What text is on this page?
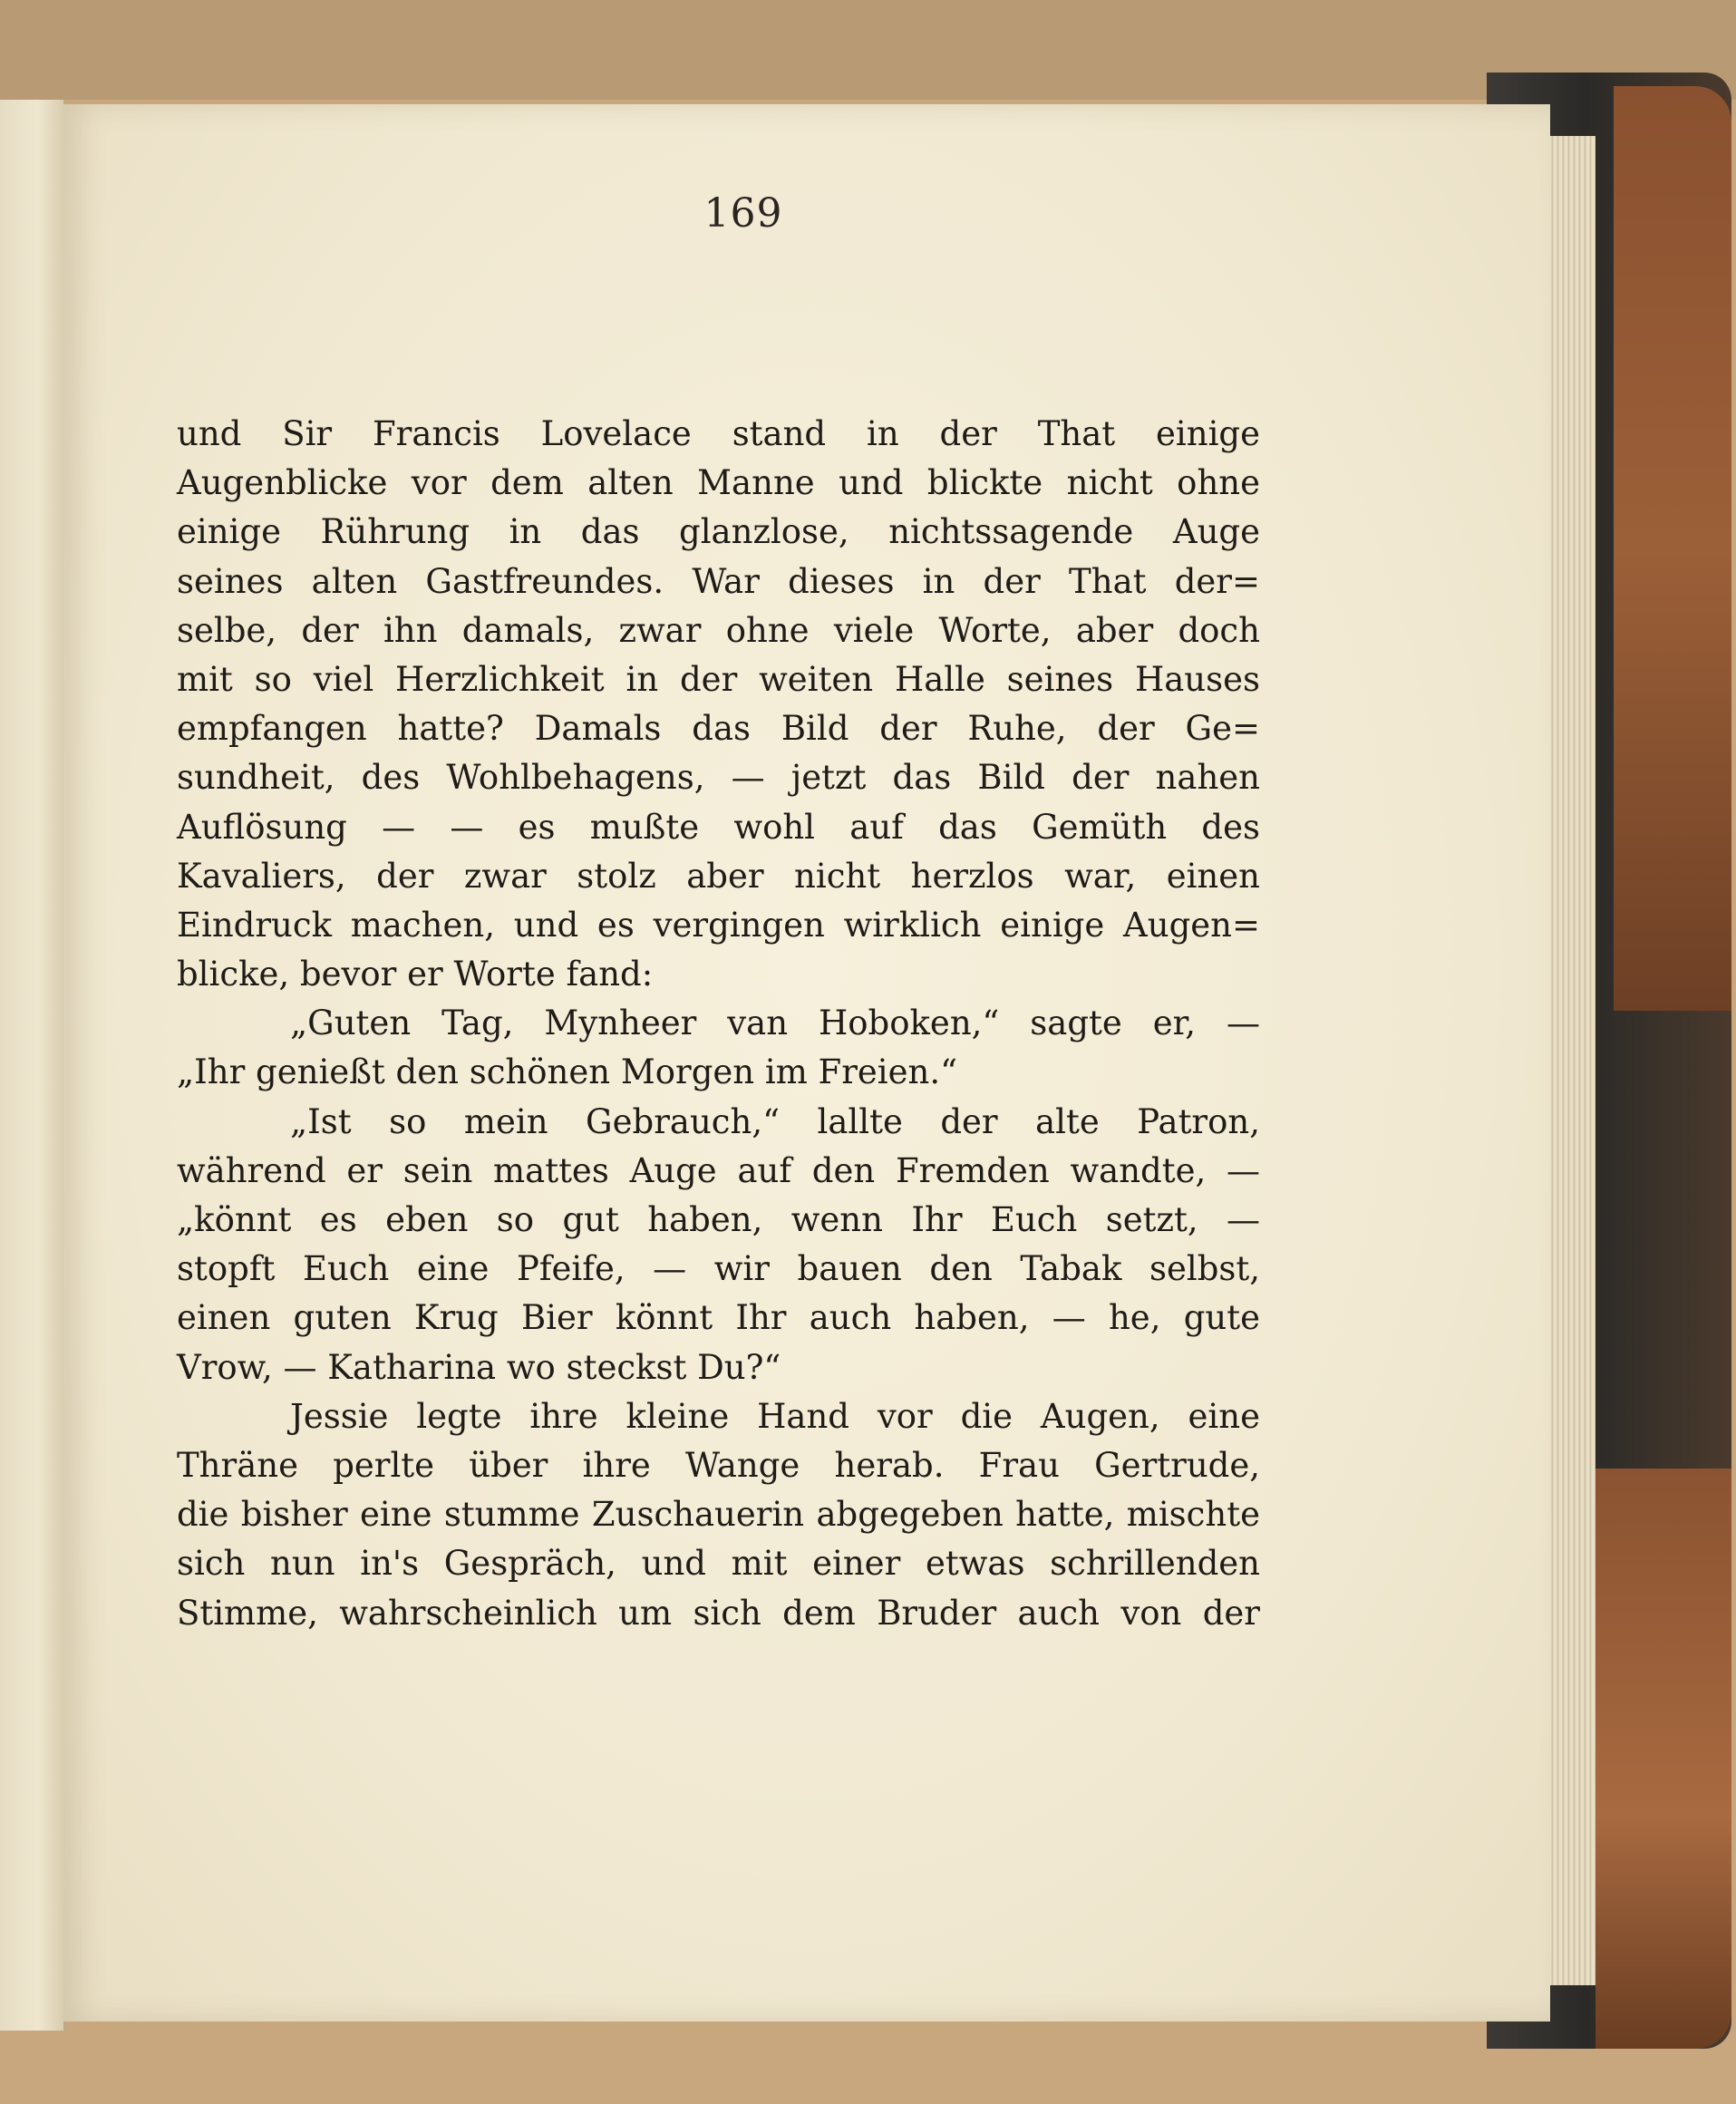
169
und Sir Francis Lovelace stand in der That einige
Augenblicke vor dem alten Manne und blickte nicht ohne
einige Rührung in das glanzlose, nichtssagende Auge
seines alten Gastfreundes. War dieses in der That der=
selbe, der ihn damals, zwar ohne viele Worte, aber doch
mit so viel Herzlichkeit in der weiten Halle seines Hauses
empfangen hatte? Damals das Bild der Ruhe, der Ge=
sundheit, des Wohlbehagens, — jetzt das Bild der nahen
Auflösung — — es mußte wohl auf das Gemüth des
Kavaliers, der zwar stolz aber nicht herzlos war, einen
Eindruck machen, und es vergingen wirklich einige Augen=
blicke, bevor er Worte fand:
„Guten Tag, Mynheer van Hoboken,“ sagte er, —
„Ihr genießt den schönen Morgen im Freien.“
„Ist so mein Gebrauch,“ lallte der alte Patron,
während er sein mattes Auge auf den Fremden wandte, —
„könnt es eben so gut haben, wenn Ihr Euch setzt, —
stopft Euch eine Pfeife, — wir bauen den Tabak selbst,
einen guten Krug Bier könnt Ihr auch haben, — he, gute
Vrow, — Katharina wo steckst Du?“
Jessie legte ihre kleine Hand vor die Augen, eine
Thräne perlte über ihre Wange herab. Frau Gertrude,
die bisher eine stumme Zuschauerin abgegeben hatte, mischte
sich nun in's Gespräch, und mit einer etwas schrillenden
Stimme, wahrscheinlich um sich dem Bruder auch von der
